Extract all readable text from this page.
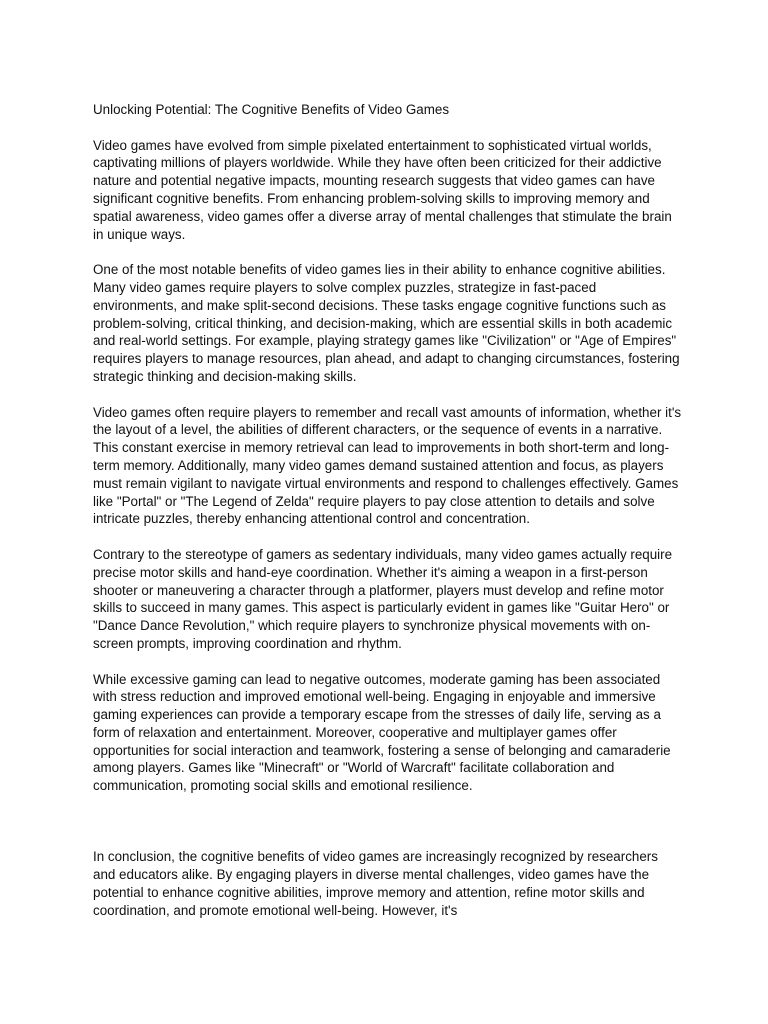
Unlocking Potential: The Cognitive Benefits of Video Games

Video games have evolved from simple pixelated entertainment to sophisticated virtual worlds, captivating millions of players worldwide. While they have often been criticized for their addictive nature and potential negative impacts, mounting research suggests that video games can have significant cognitive benefits. From enhancing problem-solving skills to improving memory and spatial awareness, video games offer a diverse array of mental challenges that stimulate the brain in unique ways.

One of the most notable benefits of video games lies in their ability to enhance cognitive abilities. Many video games require players to solve complex puzzles, strategize in fast-paced environments, and make split-second decisions. These tasks engage cognitive functions such as problem-solving, critical thinking, and decision-making, which are essential skills in both academic and real-world settings. For example, playing strategy games like "Civilization" or "Age of Empires" requires players to manage resources, plan ahead, and adapt to changing circumstances, fostering strategic thinking and decision-making skills.

Video games often require players to remember and recall vast amounts of information, whether it's the layout of a level, the abilities of different characters, or the sequence of events in a narrative. This constant exercise in memory retrieval can lead to improvements in both short-term and long-term memory. Additionally, many video games demand sustained attention and focus, as players must remain vigilant to navigate virtual environments and respond to challenges effectively. Games like "Portal" or "The Legend of Zelda" require players to pay close attention to details and solve intricate puzzles, thereby enhancing attentional control and concentration.

Contrary to the stereotype of gamers as sedentary individuals, many video games actually require precise motor skills and hand-eye coordination. Whether it's aiming a weapon in a first-person shooter or maneuvering a character through a platformer, players must develop and refine motor skills to succeed in many games. This aspect is particularly evident in games like "Guitar Hero" or "Dance Dance Revolution," which require players to synchronize physical movements with on-screen prompts, improving coordination and rhythm.

While excessive gaming can lead to negative outcomes, moderate gaming has been associated with stress reduction and improved emotional well-being. Engaging in enjoyable and immersive gaming experiences can provide a temporary escape from the stresses of daily life, serving as a form of relaxation and entertainment. Moreover, cooperative and multiplayer games offer opportunities for social interaction and teamwork, fostering a sense of belonging and camaraderie among players. Games like "Minecraft" or "World of Warcraft" facilitate collaboration and communication, promoting social skills and emotional resilience.

In conclusion, the cognitive benefits of video games are increasingly recognized by researchers and educators alike. By engaging players in diverse mental challenges, video games have the potential to enhance cognitive abilities, improve memory and attention, refine motor skills and coordination, and promote emotional well-being. However, it's
